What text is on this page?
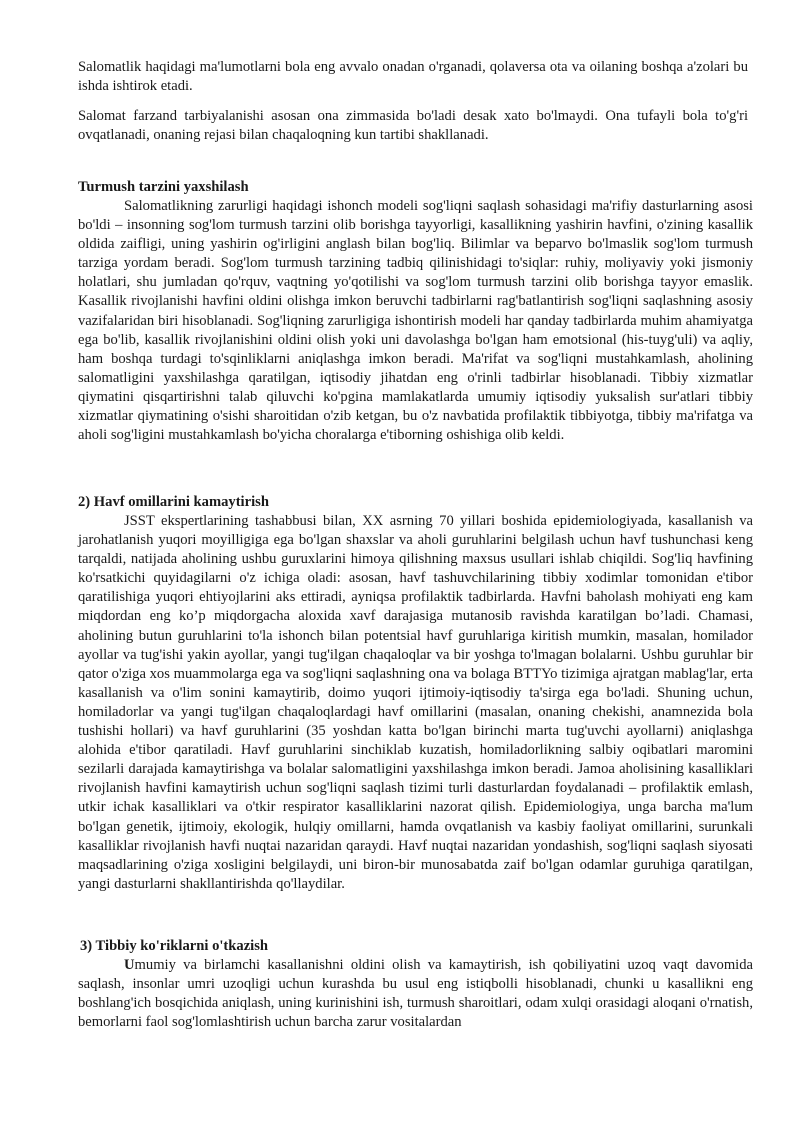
Salomatlik haqidagi ma'lumotlarni bola eng avvalo onadan o'rganadi, qolaversa ota va oilaning boshqa a'zolari bu ishda ishtirok etadi.

Salomat farzand tarbiyalanishi asosan ona zimmasida bo'ladi desak xato bo'lmaydi. Ona tufayli bola to'g'ri ovqatlanadi, onaning rejasi bilan chaqaloqning kun tartibi shakllanadi.

Turmush tarzini yaxshilash

Salomatlikning zarurligi haqidagi ishonch modeli sog'liqni saqlash sohasidagi ma'rifiy dasturlarning asosi bo'ldi – insonning sog'lom turmush tarzini olib borishga tayyorligi, kasallikning yashirin havfini, o'zining kasallik oldida zaifligi, uning yashirin og'irligini anglash bilan bog'liq. Bilimlar va beparvo bo'lmaslik sog'lom turmush tarziga yordam beradi. Sog'lom turmush tarzining tadbiq qilinishidagi to'siqlar: ruhiy, moliyaviy yoki jismoniy holatlari, shu jumladan qo'rquv, vaqtning yo'qotilishi va sog'lom turmush tarzini olib borishga tayyor emaslik. Kasallik rivojlanishi havfini oldini olishga imkon beruvchi tadbirlarni rag'batlantirish sog'liqni saqlashning asosiy vazifalaridan biri hisoblanadi. Sog'liqning zarurligiga ishontirish modeli har qanday tadbirlarda muhim ahamiyatga ega bo'lib, kasallik rivojlanishini oldini olish yoki uni davolashga bo'lgan ham emotsional (his-tuyg'uli) va aqliy, ham boshqa turdagi to'sqinliklarni aniqlashga imkon beradi. Ma'rifat va sog'liqni mustahkamlash, aholining salomatligini yaxshilashga qaratilgan, iqtisodiy jihatdan eng o'rinli tadbirlar hisoblanadi. Tibbiy xizmatlar qiymatini qisqartirishni talab qiluvchi ko'pgina mamlakatlarda umumiy iqtisodiy yuksalish sur'atlari tibbiy xizmatlar qiymatining o'sishi sharoitidan o'zib ketgan, bu o'z navbatida profilaktik tibbiyotga, tibbiy ma'rifatga va aholi sog'ligini mustahkamlash bo'yicha choralarga e'tiborning oshishiga olib keldi.

2) Havf omillarini kamaytirish

JSST ekspertlarining tashabbusi bilan, XX asrning 70 yillari boshida epidemiologiyada, kasallanish va jarohatlanish yuqori moyilligiga ega bo'lgan shaxslar va aholi guruhlarini belgilash uchun havf tushunchasi keng tarqaldi, natijada aholining ushbu guruxlarini himoya qilishning maxsus usullari ishlab chiqildi. Sog'liq havfining ko'rsatkichi quyidagilarni o'z ichiga oladi: asosan, havf tashuvchilarining tibbiy xodimlar tomonidan e'tibor qaratilishiga yuqori ehtiyojlarini aks ettiradi, ayniqsa profilaktik tadbirlarda. Havfni baholash mohiyati eng kam miqdordan eng ko’p miqdorgacha aloxida xavf darajasiga mutanosib ravishda karatilgan bo’ladi. Chamasi, aholining butun guruhlarini to'la ishonch bilan potentsial havf guruhlariga kiritish mumkin, masalan, homilador ayollar va tug'ishi yakin ayollar, yangi tug'ilgan chaqaloqlar va bir yoshga to'lmagan bolalarni. Ushbu guruhlar bir qator o'ziga xos muammolarga ega va sog'liqni saqlashning ona va bolaga BTTYo tizimiga ajratgan mablag'lar, erta kasallanish va o'lim sonini kamaytirib, doimo yuqori ijtimoiy-iqtisodiy ta'sirga ega bo'ladi. Shuning uchun, homiladorlar va yangi tug'ilgan chaqaloqlardagi havf omillarini (masalan, onaning chekishi, anamnezida bola tushishi hollari) va havf guruhlarini (35 yoshdan katta bo'lgan birinchi marta tug'uvchi ayollarni) aniqlashga alohida e'tibor qaratiladi. Havf guruhlarini sinchiklab kuzatish, homiladorlikning salbiy oqibatlari maromini sezilarli darajada kamaytirishga va bolalar salomatligini yaxshilashga imkon beradi. Jamoa aholisining kasalliklari rivojlanish havfini kamaytirish uchun sog'liqni saqlash tizimi turli dasturlardan foydalanadi – profilaktik emlash, utkir ichak kasalliklari va o'tkir respirator kasalliklarini nazorat qilish. Epidemiologiya, unga barcha ma'lum bo'lgan genetik, ijtimoiy, ekologik, hulqiy omillarni, hamda ovqatlanish va kasbiy faoliyat omillarini, surunkali kasalliklar rivojlanish havfi nuqtai nazaridan qaraydi. Havf nuqtai nazaridan yondashish, sog'liqni saqlash siyosati maqsadlarining o'ziga xosligini belgilaydi, uni biron-bir munosabatda zaif bo'lgan odamlar guruhiga qaratilgan, yangi dasturlarni shakllantirishda qo'llaydilar.

3) Tibbiy ko'riklarni o'tkazish

Umumiy va birlamchi kasallanishni oldini olish va kamaytirish, ish qobiliyatini uzoq vaqt davomida saqlash, insonlar umri uzoqligi uchun kurashda bu usul eng istiqbolli hisoblanadi, chunki u kasallikni eng boshlang'ich bosqichida aniqlash, uning kurinishini ish, turmush sharoitlari, odam xulqi orasidagi aloqani o'rnatish, bemorlarni faol sog'lomlashtirish uchun barcha zarur vositalardan
